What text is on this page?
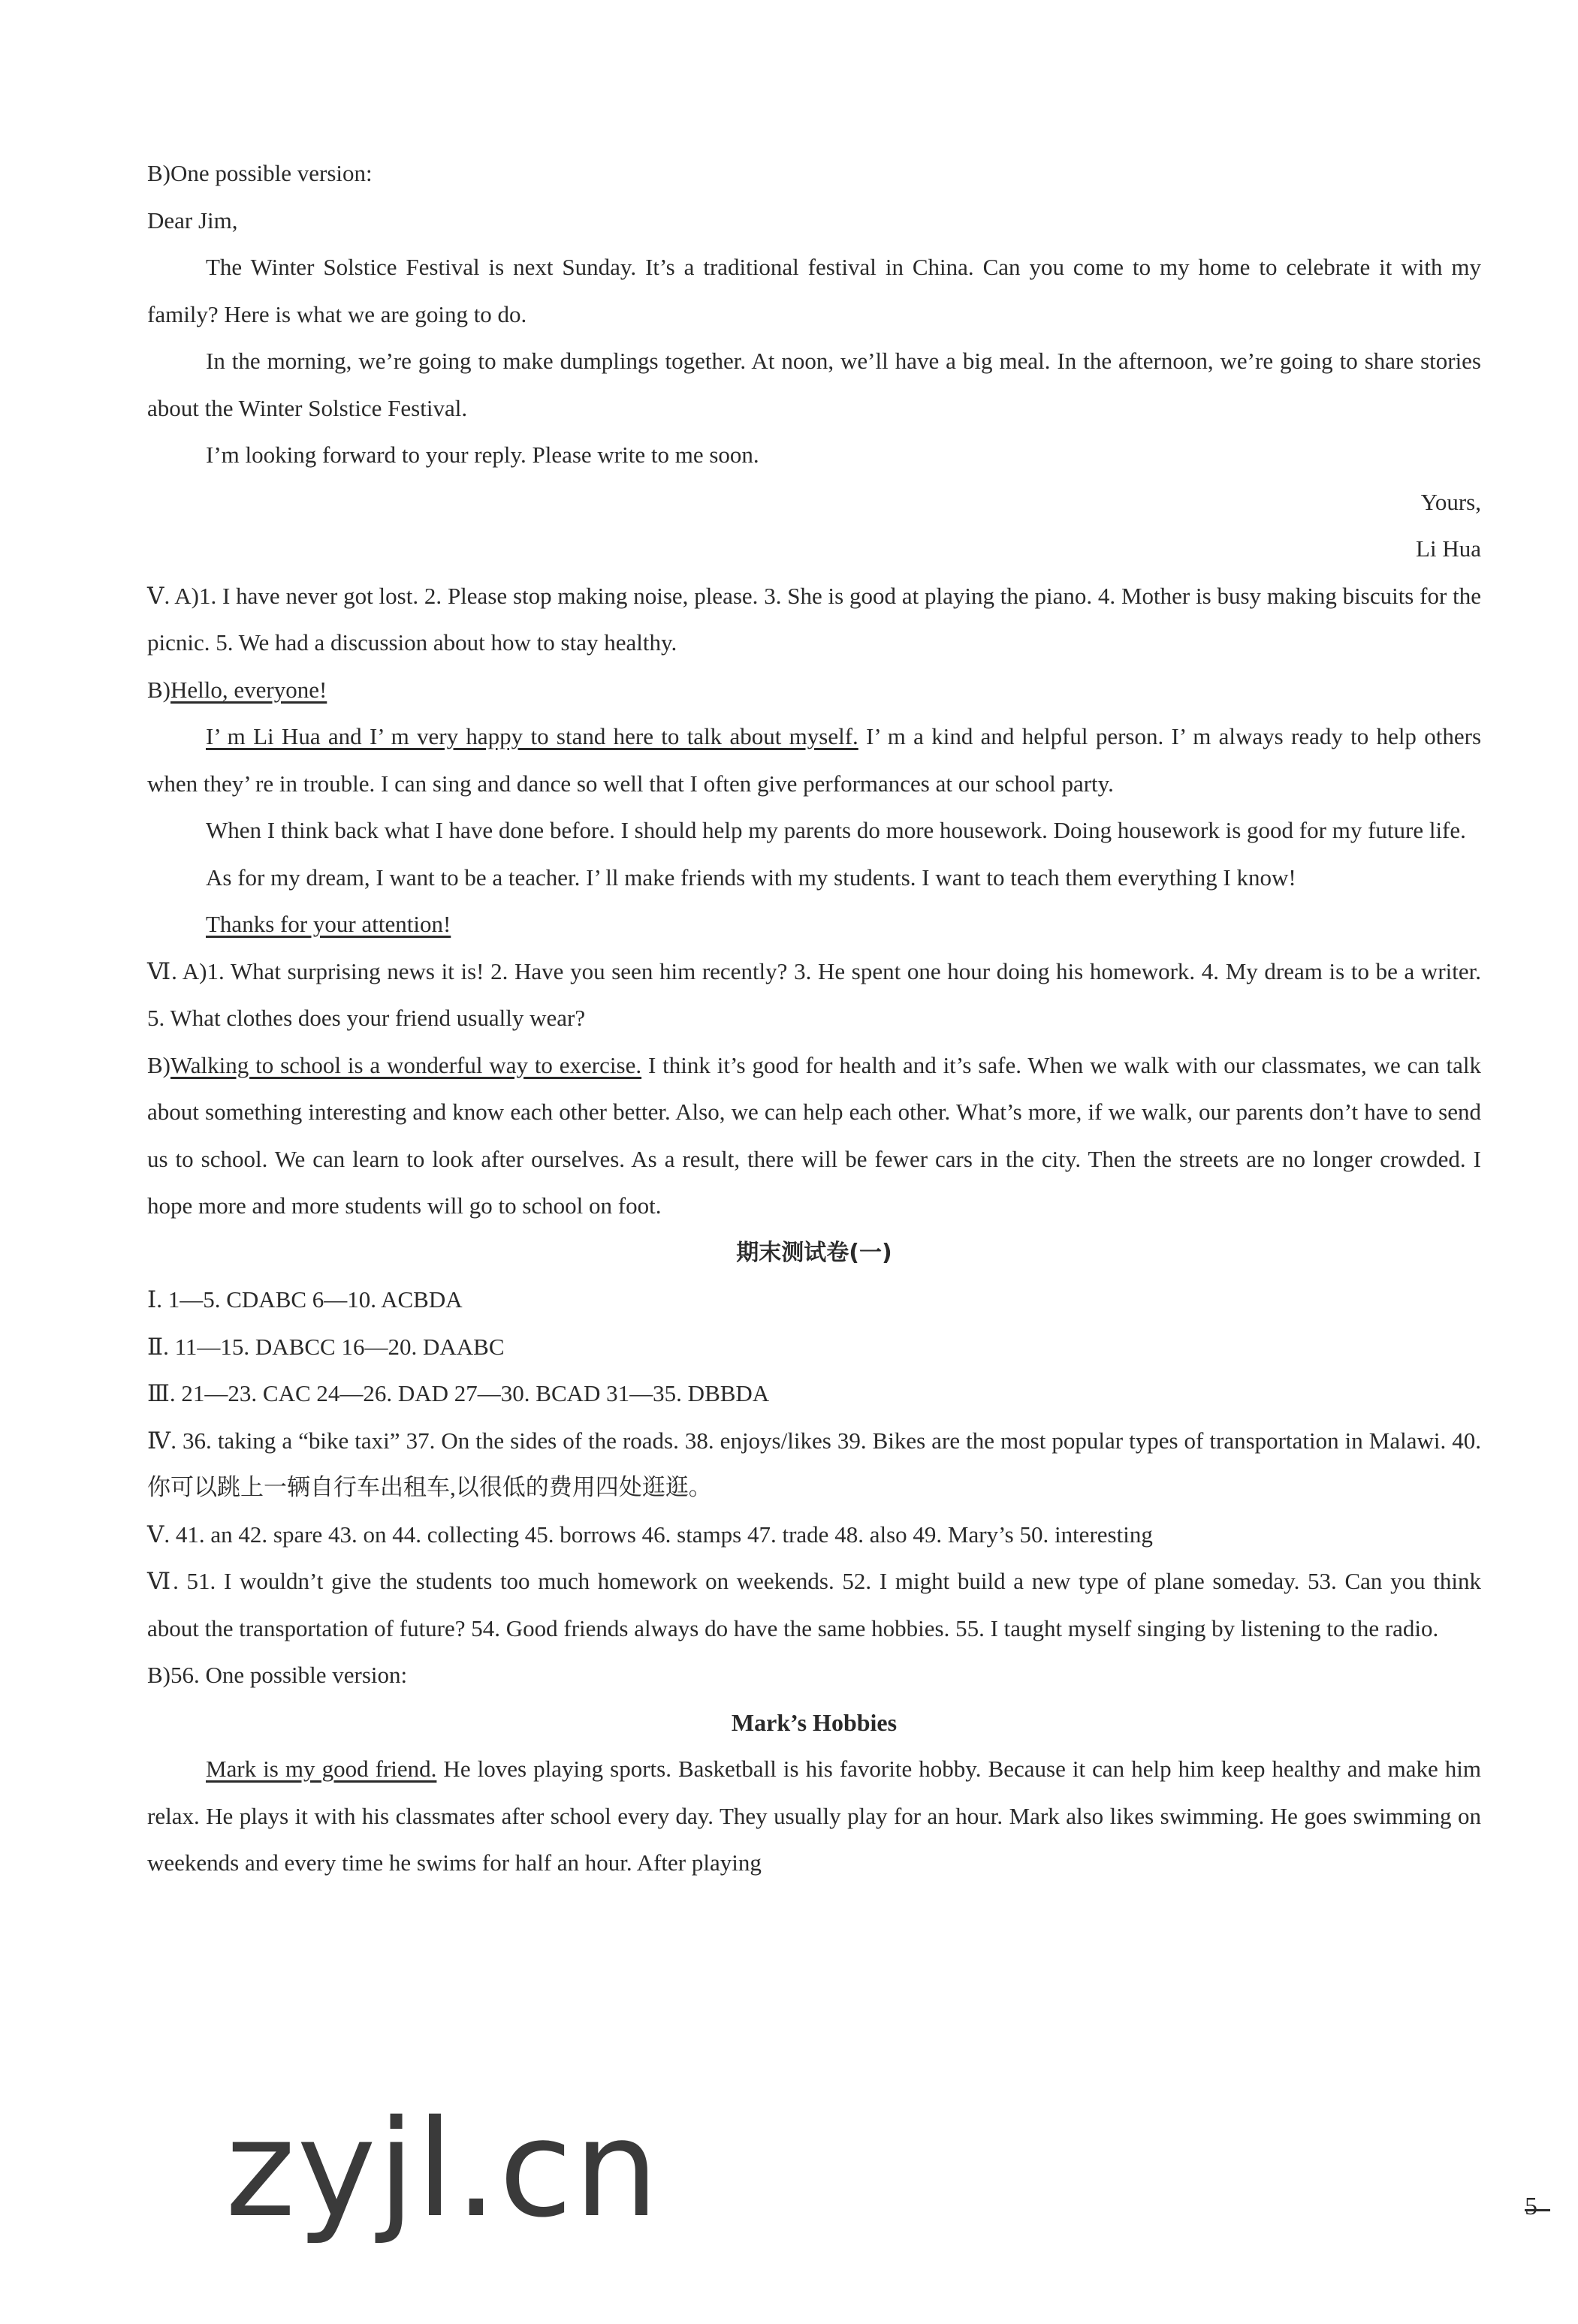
B)One possible version:

Dear Jim,

The Winter Solstice Festival is next Sunday. It’s a traditional festival in China. Can you come to my home to celebrate it with my family? Here is what we are going to do.

In the morning, we’re going to make dumplings together. At noon, we’ll have a big meal. In the afternoon, we’re going to share stories about the Winter Solstice Festival.

I’m looking forward to your reply. Please write to me soon.

Yours,

Li Hua

Ⅴ. A)1. I have never got lost. 2. Please stop making noise, please. 3. She is good at playing the piano. 4. Mother is busy making biscuits for the picnic. 5. We had a discussion about how to stay healthy.

B)Hello, everyone!

I’ m Li Hua and I’ m very happy to stand here to talk about myself. I’ m a kind and helpful person. I’ m always ready to help others when they’ re in trouble. I can sing and dance so well that I often give performances at our school party.

When I think back what I have done before. I should help my parents do more housework. Doing housework is good for my future life.

As for my dream, I want to be a teacher. I’ ll make friends with my students. I want to teach them everything I know!

Thanks for your attention!

Ⅵ. A)1. What surprising news it is! 2. Have you seen him recently? 3. He spent one hour doing his homework. 4. My dream is to be a writer. 5. What clothes does your friend usually wear?

B)Walking to school is a wonderful way to exercise. I think it’s good for health and it’s safe. When we walk with our classmates, we can talk about something interesting and know each other better. Also, we can help each other. What’s more, if we walk, our parents don’t have to send us to school. We can learn to look after ourselves. As a result, there will be fewer cars in the city. Then the streets are no longer crowded. I hope more and more students will go to school on foot.

期末测试卷(一)

Ⅰ. 1—5. CDABC 6—10. ACBDA

Ⅱ. 11—15. DABCC 16—20. DAABC

Ⅲ. 21—23. CAC 24—26. DAD 27—30. BCAD 31—35. DBBDA

Ⅳ. 36. taking a “bike taxi” 37. On the sides of the roads. 38. enjoys/likes 39. Bikes are the most popular types of transportation in Malawi. 40. 你可以跳上一辆自行车出租车,以很低的费用四处逛逛。

Ⅴ. 41. an 42. spare 43. on 44. collecting 45. borrows 46. stamps 47. trade 48. also 49. Mary’s 50. interesting

Ⅵ. 51. I wouldn’t give the students too much homework on weekends. 52. I might build a new type of plane someday. 53. Can you think about the transportation of future? 54. Good friends always do have the same hobbies. 55. I taught myself singing by listening to the radio.

B)56. One possible version:

Mark’s Hobbies

Mark is my good friend. He loves playing sports. Basketball is his favorite hobby. Because it can help him keep healthy and make him relax. He plays it with his classmates after school every day. They usually play for an hour. Mark also likes swimming. He goes swimming on weekends and every time he swims for half an hour. After playing

zyjl.cn	5
